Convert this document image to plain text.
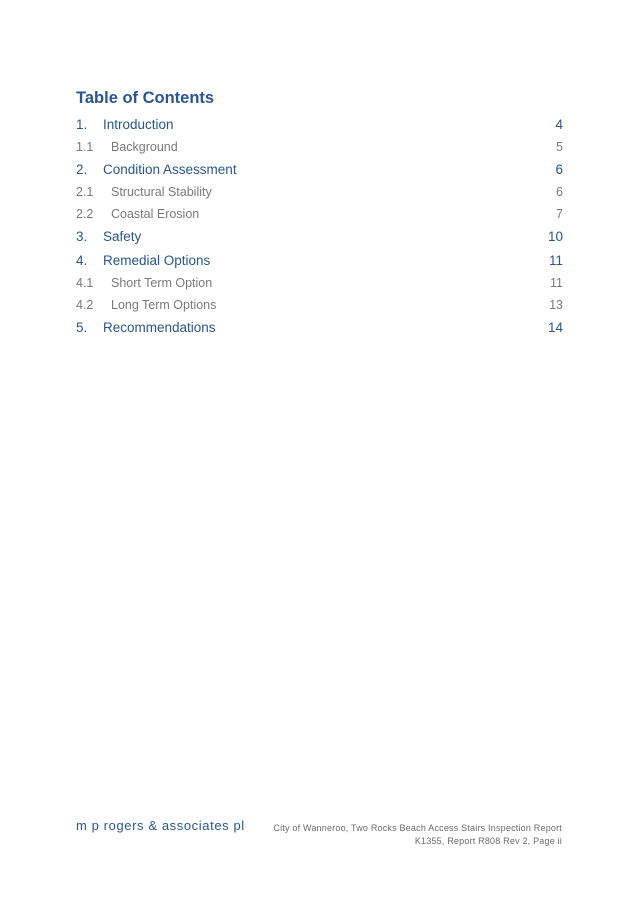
Table of Contents
1. Introduction	4
1.1 Background	5
2. Condition Assessment	6
2.1 Structural Stability	6
2.2 Coastal Erosion	7
3. Safety	10
4. Remedial Options	11
4.1 Short Term Option	11
4.2 Long Term Options	13
5. Recommendations	14
m p rogers & associates pl	City of Wanneroo, Two Rocks Beach Access Stairs Inspection Report
K1355, Report R808 Rev 2, Page ii
